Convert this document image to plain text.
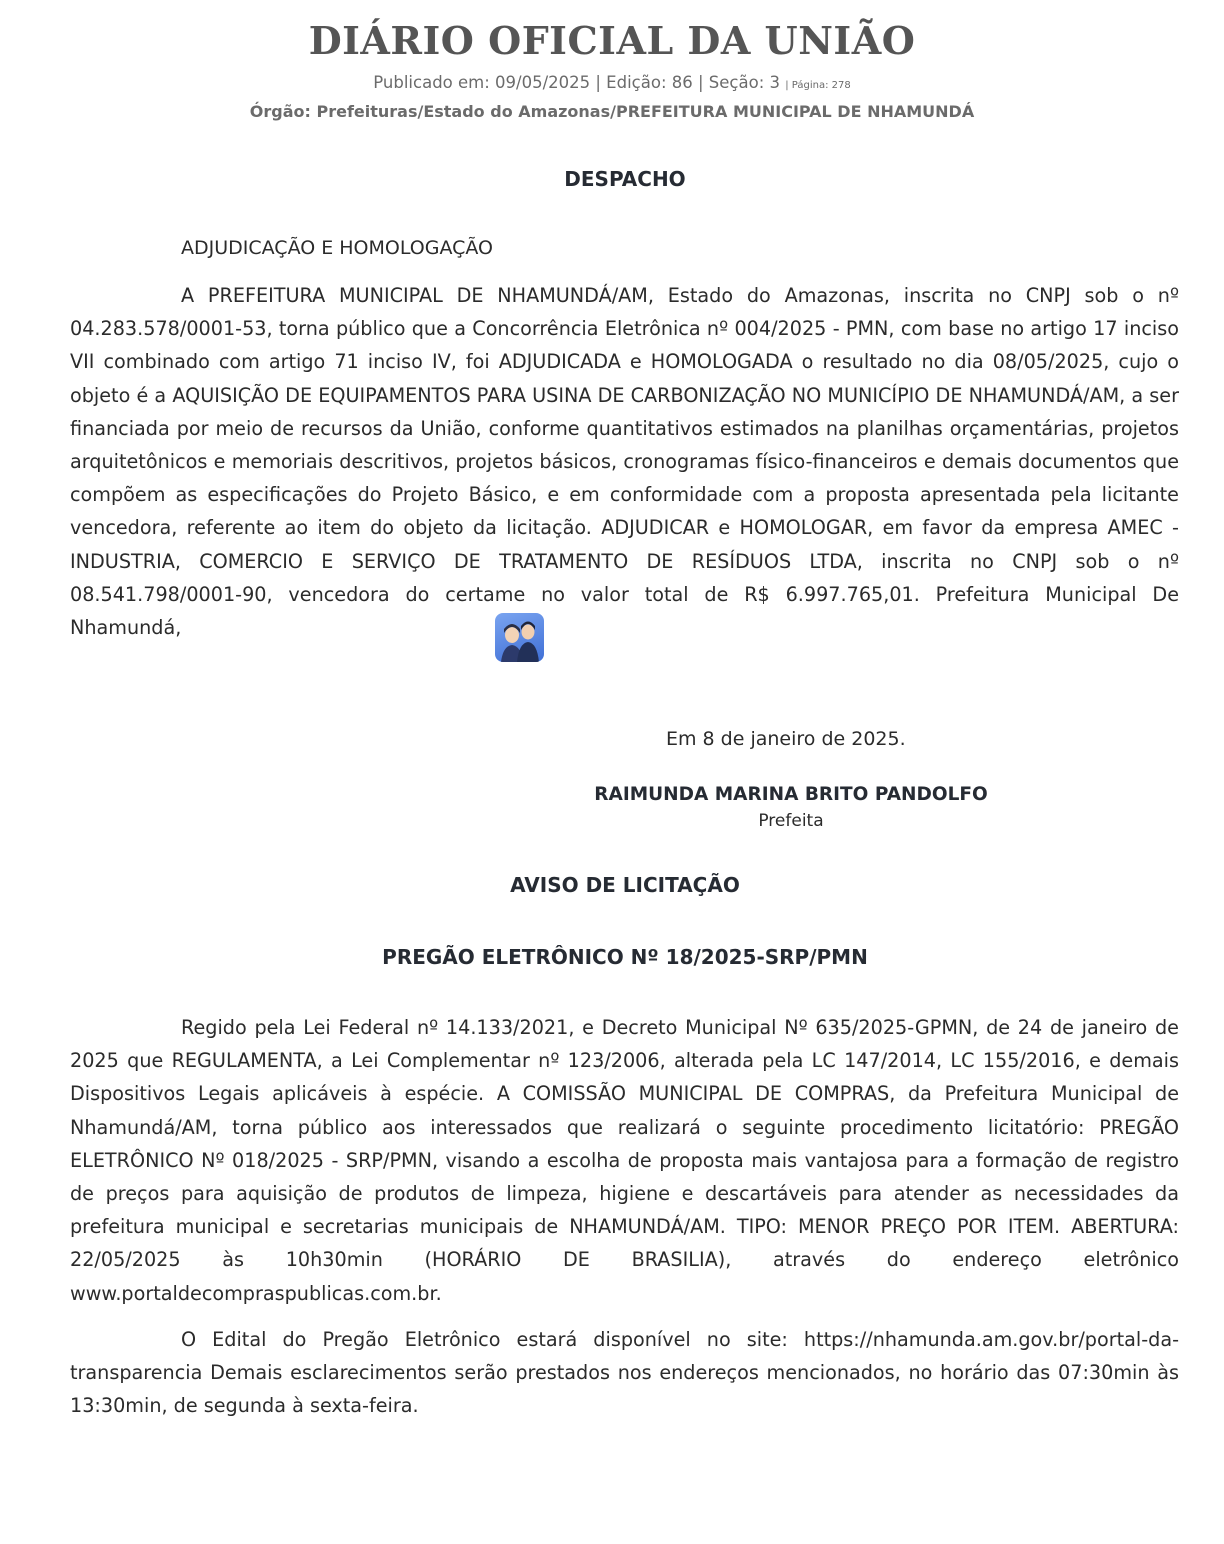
DIÁRIO OFICIAL DA UNIÃO
Publicado em: 09/05/2025 | Edição: 86 | Seção: 3 | Página: 278
Órgão: Prefeituras/Estado do Amazonas/PREFEITURA MUNICIPAL DE NHAMUNDÁ
DESPACHO
ADJUDICAÇÃO E HOMOLOGAÇÃO

A PREFEITURA MUNICIPAL DE NHAMUNDÁ/AM, Estado do Amazonas, inscrita no CNPJ sob o nº 04.283.578/0001-53, torna público que a Concorrência Eletrônica nº 004/2025 - PMN, com base no artigo 17 inciso VII combinado com artigo 71 inciso IV, foi ADJUDICADA e HOMOLOGADA o resultado no dia 08/05/2025, cujo o objeto é a AQUISIÇÃO DE EQUIPAMENTOS PARA USINA DE CARBONIZAÇÃO NO MUNICÍPIO DE NHAMUNDÁ/AM, a ser financiada por meio de recursos da União, conforme quantitativos estimados na planilhas orçamentárias, projetos arquitetônicos e memoriais descritivos, projetos básicos, cronogramas físico-financeiros e demais documentos que compõem as especificações do Projeto Básico, e em conformidade com a proposta apresentada pela licitante vencedora, referente ao item do objeto da licitação. ADJUDICAR e HOMOLOGAR, em favor da empresa AMEC - INDUSTRIA, COMERCIO E SERVIÇO DE TRATAMENTO DE RESÍDUOS LTDA, inscrita no CNPJ sob o nº 08.541.798/0001-90, vencedora do certame no valor total de R$ 6.997.765,01. Prefeitura Municipal De Nhamundá,

Em 8 de janeiro de 2025.
RAIMUNDA MARINA BRITO PANDOLFO
Prefeita
AVISO DE LICITAÇÃO
PREGÃO ELETRÔNICO Nº 18/2025-SRP/PMN

Regido pela Lei Federal nº 14.133/2021, e Decreto Municipal Nº 635/2025-GPMN, de 24 de janeiro de 2025 que REGULAMENTA, a Lei Complementar nº 123/2006, alterada pela LC 147/2014, LC 155/2016, e demais Dispositivos Legais aplicáveis à espécie. A COMISSÃO MUNICIPAL DE COMPRAS, da Prefeitura Municipal de Nhamundá/AM, torna público aos interessados que realizará o seguinte procedimento licitatório: PREGÃO ELETRÔNICO Nº 018/2025 - SRP/PMN, visando a escolha de proposta mais vantajosa para a formação de registro de preços para aquisição de produtos de limpeza, higiene e descartáveis para atender as necessidades da prefeitura municipal e secretarias municipais de NHAMUNDÁ/AM. TIPO: MENOR PREÇO POR ITEM. ABERTURA: 22/05/2025 às 10h30min (HORÁRIO DE BRASILIA), através do endereço eletrônico www.portaldecompraspublicas.com.br.

O Edital do Pregão Eletrônico estará disponível no site: https://nhamunda.am.gov.br/portal-da-transparencia Demais esclarecimentos serão prestados nos endereços mencionados, no horário das 07:30min às 13:30min, de segunda à sexta-feira.
